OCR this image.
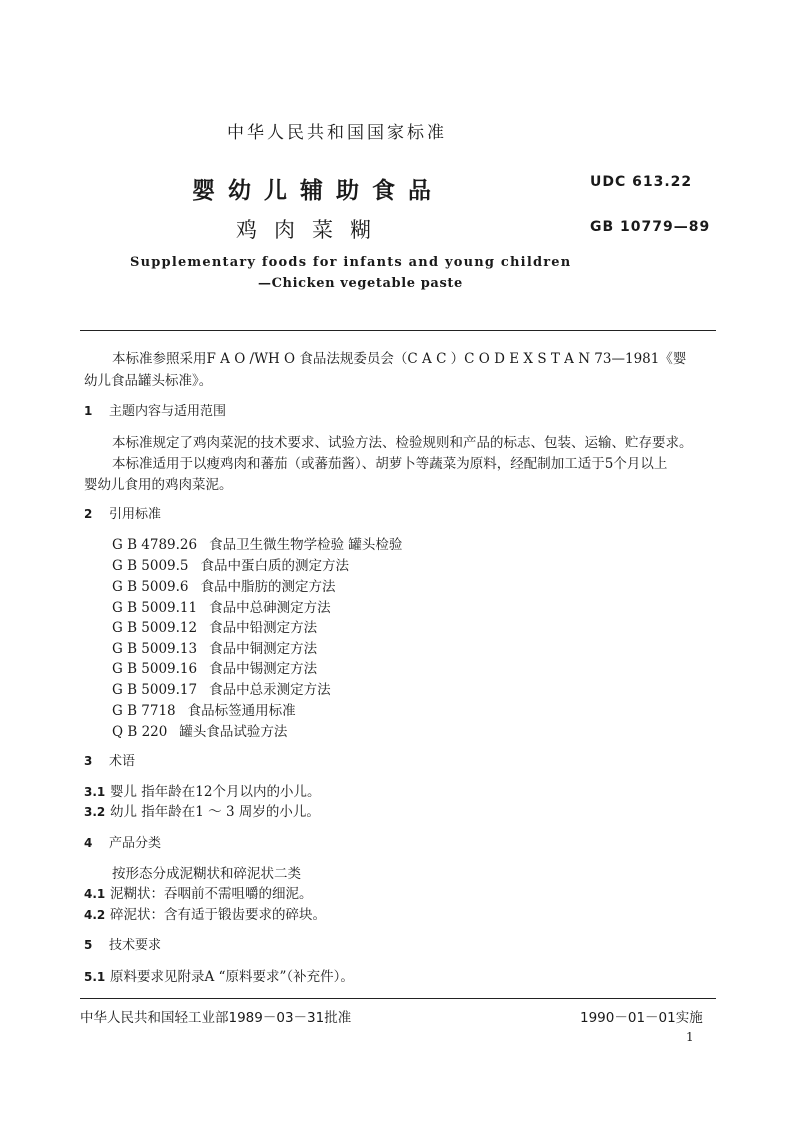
中华人民共和国国家标准
婴幼儿辅助食品
鸡肉菜糊
UDC 613.22
GB 10779—89
Supplementary foods for infants and young children
—Chicken vegetable paste
本标准参照采用F A O /WH O 食品法规委员会（C A C ）C O D E X S T A N 73—1981《婴
幼儿食品罐头标准》。
1 主题内容与适用范围
本标准规定了鸡肉菜泥的技术要求、试验方法、检验规则和产品的标志、包装、运输、贮存要求。
本标准适用于以瘦鸡肉和蕃茄（或蕃茄酱）、胡萝卜等蔬菜为原料，经配制加工适于5个月以上
婴幼儿食用的鸡肉菜泥。
2 引用标准
G B 4789.26 食品卫生微生物学检验 罐头检验
G B 5009.5 食品中蛋白质的测定方法
G B 5009.6 食品中脂肪的测定方法
G B 5009.11 食品中总砷测定方法
G B 5009.12 食品中铅测定方法
G B 5009.13 食品中铜测定方法
G B 5009.16 食品中锡测定方法
G B 5009.17 食品中总汞测定方法
G B 7718 食品标签通用标准
Q B 220 罐头食品试验方法
3 术语
3.1 婴儿 指年龄在12个月以内的小儿。
3.2 幼儿 指年龄在1 ～ 3 周岁的小儿。
4 产品分类
按形态分成泥糊状和碎泥状二类
4.1 泥糊状：吞咽前不需咀嚼的细泥。
4.2 碎泥状：含有适于锻齿要求的碎块。
5 技术要求
5.1 原料要求见附录A “原料要求”（补充件）。
中华人民共和国轻工业部1989－03－31批准	1990－01－01实施
1
